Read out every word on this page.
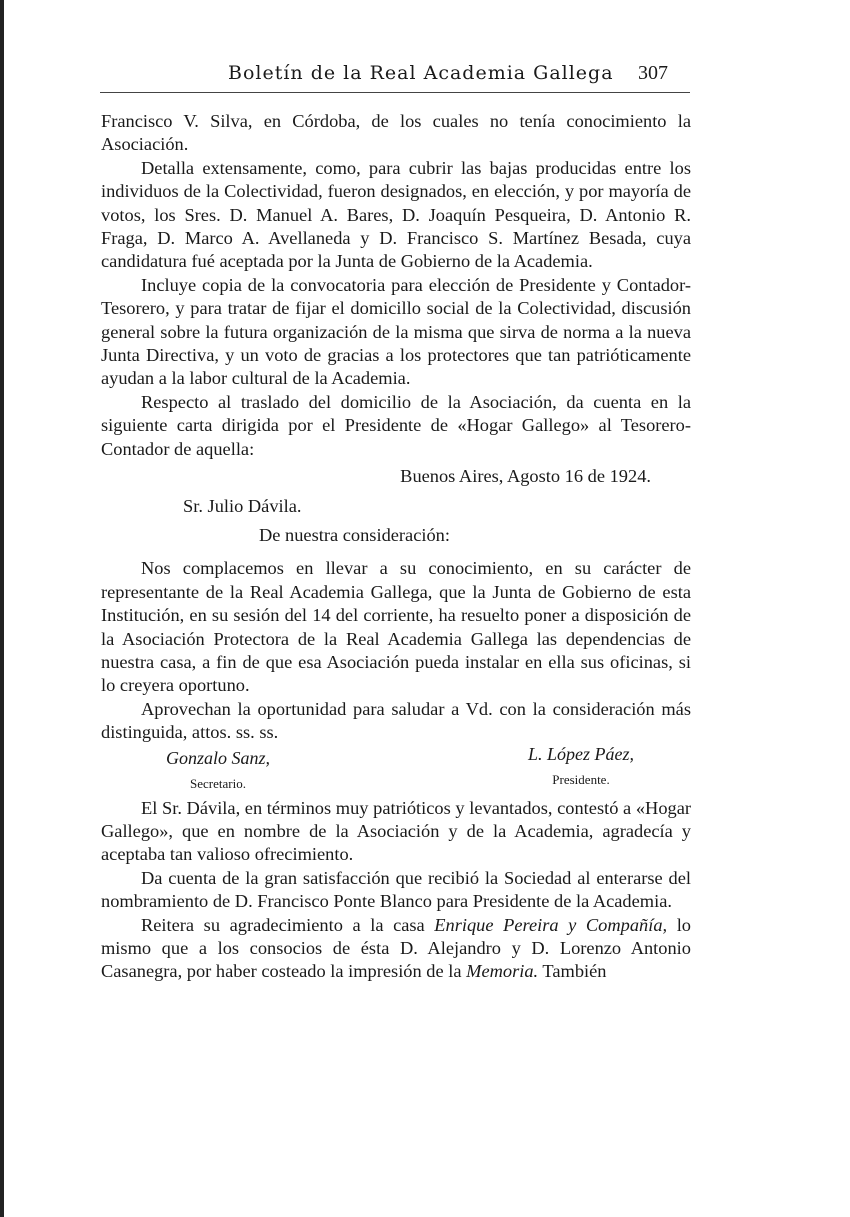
Boletín de la Real Academia Gallega 307

Francisco V. Silva, en Córdoba, de los cuales no tenía conocimiento la Asociación.

Detalla extensamente, como, para cubrir las bajas producidas entre los individuos de la Colectividad, fueron designados, en elección, y por mayoría de votos, los Sres. D. Manuel A. Bares, D. Joaquín Pesqueira, D. Antonio R. Fraga, D. Marco A. Avellaneda y D. Francisco S. Martínez Besada, cuya candidatura fué aceptada por la Junta de Gobierno de la Academia.

Incluye copia de la convocatoria para elección de Presidente y Contador-Tesorero, y para tratar de fijar el domicillo social de la Colectividad, discusión general sobre la futura organización de la misma que sirva de norma a la nueva Junta Directiva, y un voto de gracias a los protectores que tan patrióticamente ayudan a la labor cultural de la Academia.

Respecto al traslado del domicilio de la Asociación, da cuenta en la siguiente carta dirigida por el Presidente de «Hogar Gallego» al Tesorero-Contador de aquella:

Buenos Aires, Agosto 16 de 1924.

Sr. Julio Dávila.

De nuestra consideración:

Nos complacemos en llevar a su conocimiento, en su carácter de representante de la Real Academia Gallega, que la Junta de Gobierno de esta Institución, en su sesión del 14 del corriente, ha resuelto poner a disposición de la Asociación Protectora de la Real Academia Gallega las dependencias de nuestra casa, a fin de que esa Asociación pueda instalar en ella sus oficinas, si lo creyera oportuno.

Aprovechan la oportunidad para saludar a Vd. con la consideración más distinguida, attos. ss. ss.

Gonzalo Sanz,
Secretario.
L. López Páez,
Presidente.

El Sr. Dávila, en términos muy patrióticos y levantados, contestó a «Hogar Gallego», que en nombre de la Asociación y de la Academia, agradecía y aceptaba tan valioso ofrecimiento.

Da cuenta de la gran satisfacción que recibió la Sociedad al enterarse del nombramiento de D. Francisco Ponte Blanco para Presidente de la Academia.

Reitera su agradecimiento a la casa Enrique Pereira y Compañía, lo mismo que a los consocios de ésta D. Alejandro y D. Lorenzo Antonio Casanegra, por haber costeado la impresión de la Memoria. También
